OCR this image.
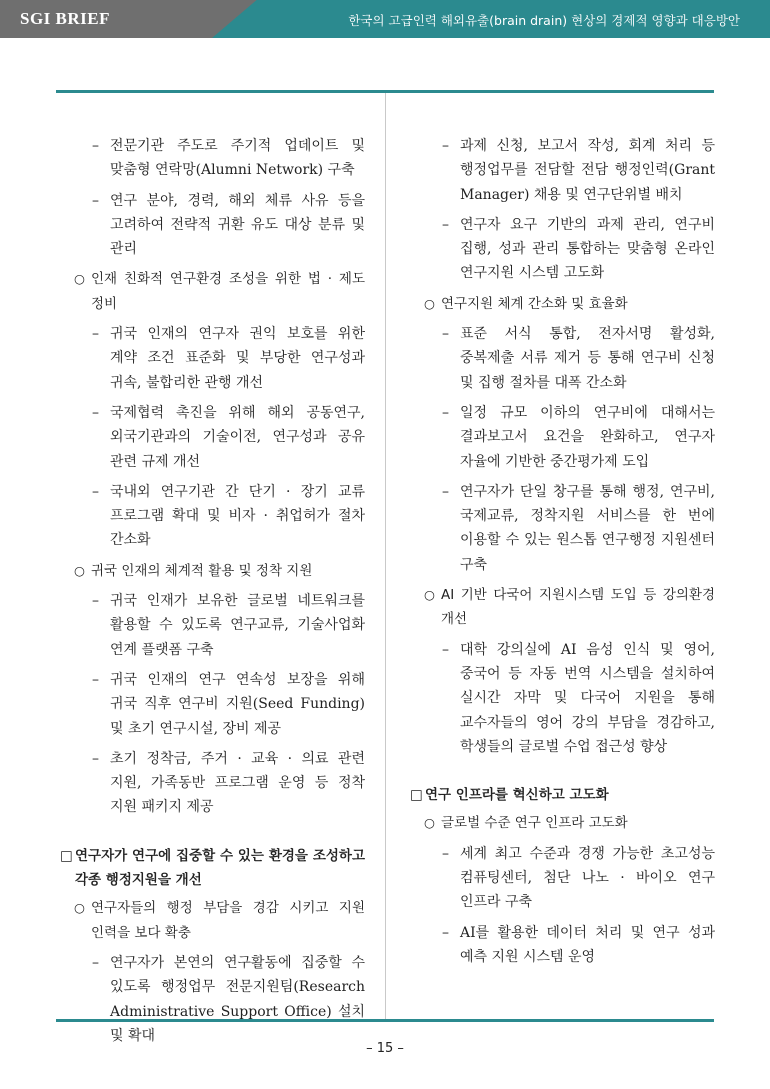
SGI BRIEF	한국의 고급인력 해외유출(brain drain) 현상의 경제적 영향과 대응방안

– 전문기관 주도로 주기적 업데이트 및 맞춤형 연락망(Alumni Network) 구축

– 연구 분야, 경력, 해외 체류 사유 등을 고려하여 전략적 귀환 유도 대상 분류 및 관리

○ 인재 친화적 연구환경 조성을 위한 법 · 제도 정비

– 귀국 인재의 연구자 권익 보호를 위한 계약 조건 표준화 및 부당한 연구성과 귀속, 불합리한 관행 개선

– 국제협력 촉진을 위해 해외 공동연구, 외국기관과의 기술이전, 연구성과 공유 관련 규제 개선

– 국내외 연구기관 간 단기 · 장기 교류 프로그램 확대 및 비자 · 취업허가 절차 간소화

○ 귀국 인재의 체계적 활용 및 정착 지원

– 귀국 인재가 보유한 글로벌 네트워크를 활용할 수 있도록 연구교류, 기술사업화 연계 플랫폼 구축

– 귀국 인재의 연구 연속성 보장을 위해 귀국 직후 연구비 지원(Seed Funding) 및 초기 연구시설, 장비 제공

– 초기 정착금, 주거 · 교육 · 의료 관련 지원, 가족동반 프로그램 운영 등 정착 지원 패키지 제공

□ 연구자가 연구에 집중할 수 있는 환경을 조성하고 각종 행정지원을 개선

○ 연구자들의 행정 부담을 경감 시키고 지원 인력을 보다 확충

– 연구자가 본연의 연구활동에 집중할 수 있도록 행정업무 전문지원팀(Research Administrative Support Office) 설치 및 확대

– 과제 신청, 보고서 작성, 회계 처리 등 행정업무를 전담할 전담 행정인력(Grant Manager) 채용 및 연구단위별 배치

– 연구자 요구 기반의 과제 관리, 연구비 집행, 성과 관리 통합하는 맞춤형 온라인 연구지원 시스템 고도화

○ 연구지원 체계 간소화 및 효율화

– 표준 서식 통합, 전자서명 활성화, 중복제출 서류 제거 등 통해 연구비 신청 및 집행 절차를 대폭 간소화

– 일정 규모 이하의 연구비에 대해서는 결과보고서 요건을 완화하고, 연구자 자율에 기반한 중간평가제 도입

– 연구자가 단일 창구를 통해 행정, 연구비, 국제교류, 정착지원 서비스를 한 번에 이용할 수 있는 원스톱 연구행정 지원센터 구축

○ AI 기반 다국어 지원시스템 도입 등 강의환경 개선

– 대학 강의실에 AI 음성 인식 및 영어, 중국어 등 자동 번역 시스템을 설치하여 실시간 자막 및 다국어 지원을 통해 교수자들의 영어 강의 부담을 경감하고, 학생들의 글로벌 수업 접근성 향상

□ 연구 인프라를 혁신하고 고도화

○ 글로벌 수준 연구 인프라 고도화

– 세계 최고 수준과 경쟁 가능한 초고성능 컴퓨팅센터, 첨단 나노 · 바이오 연구 인프라 구축

– AI를 활용한 데이터 처리 및 연구 성과 예측 지원 시스템 운영

– 15 –
